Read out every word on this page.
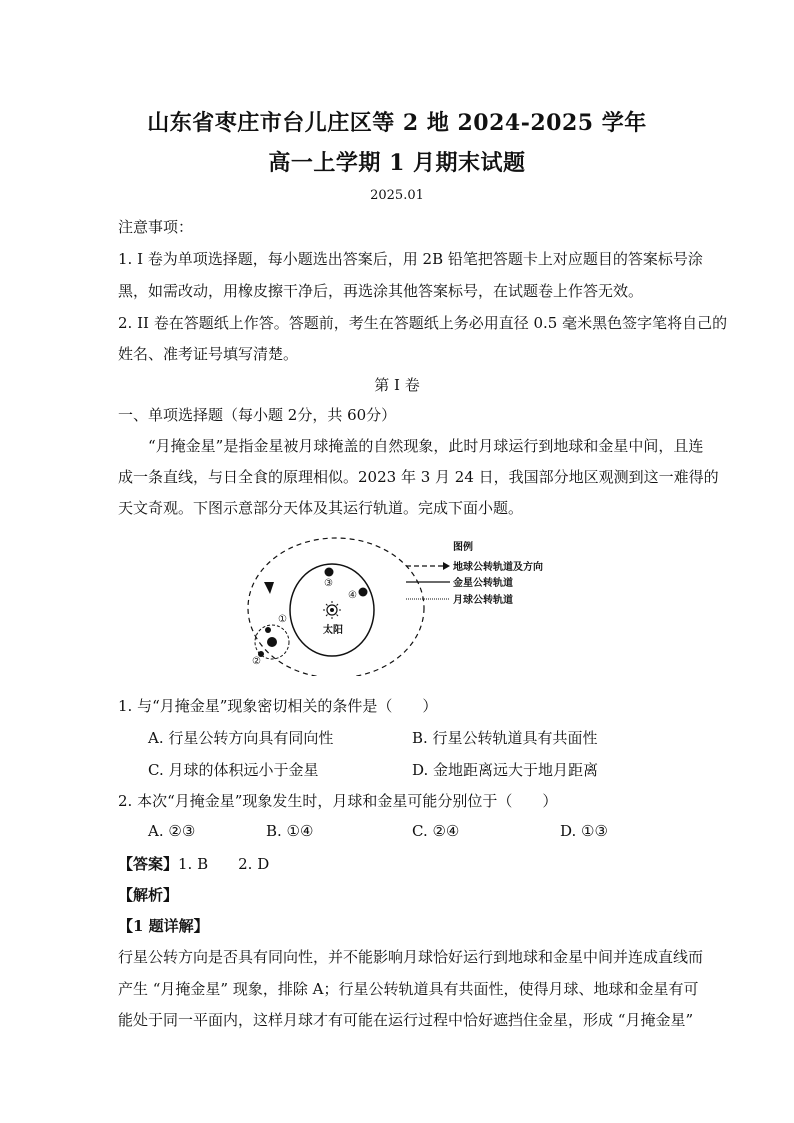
山东省枣庄市台儿庄区等 2 地 2024-2025 学年
高一上学期 1 月期末试题
2025.01
注意事项：
1. I 卷为单项选择题，每小题选出答案后，用 2B 铅笔把答题卡上对应题目的答案标号涂
黑，如需改动，用橡皮擦干净后，再选涂其他答案标号，在试题卷上作答无效。
2. II 卷在答题纸上作答。答题前，考生在答题纸上务必用直径 0.5 毫米黑色签字笔将自己的
姓名、准考证号填写清楚。
第 I 卷
一、单项选择题（每小题 2分，共 60分）
“月掩金星”是指金星被月球掩盖的自然现象，此时月球运行到地球和金星中间，且连
成一条直线，与日全食的原理相似。2023 年 3 月 24 日，我国部分地区观测到这一难得的
天文奇观。下图示意部分天体及其运行轨道。完成下面小题。
太阳
③
④
①
②
图例
地球公转轨道及方向
金星公转轨道
月球公转轨道
1. 与“月掩金星”现象密切相关的条件是（　　）
A. 行星公转方向具有同向性	B. 行星公转轨道具有共面性
C. 月球的体积远小于金星	D. 金地距离远大于地月距离
2. 本次“月掩金星”现象发生时，月球和金星可能分别位于（　　）
A. ②③	B. ①④	C. ②④	D. ①③
【答案】1. B　　2. D
【解析】
【1 题详解】
行星公转方向是否具有同向性，并不能影响月球恰好运行到地球和金星中间并连成直线而
产生 “月掩金星” 现象，排除 A；行星公转轨道具有共面性，使得月球、地球和金星有可
能处于同一平面内，这样月球才有可能在运行过程中恰好遮挡住金星，形成 “月掩金星”
